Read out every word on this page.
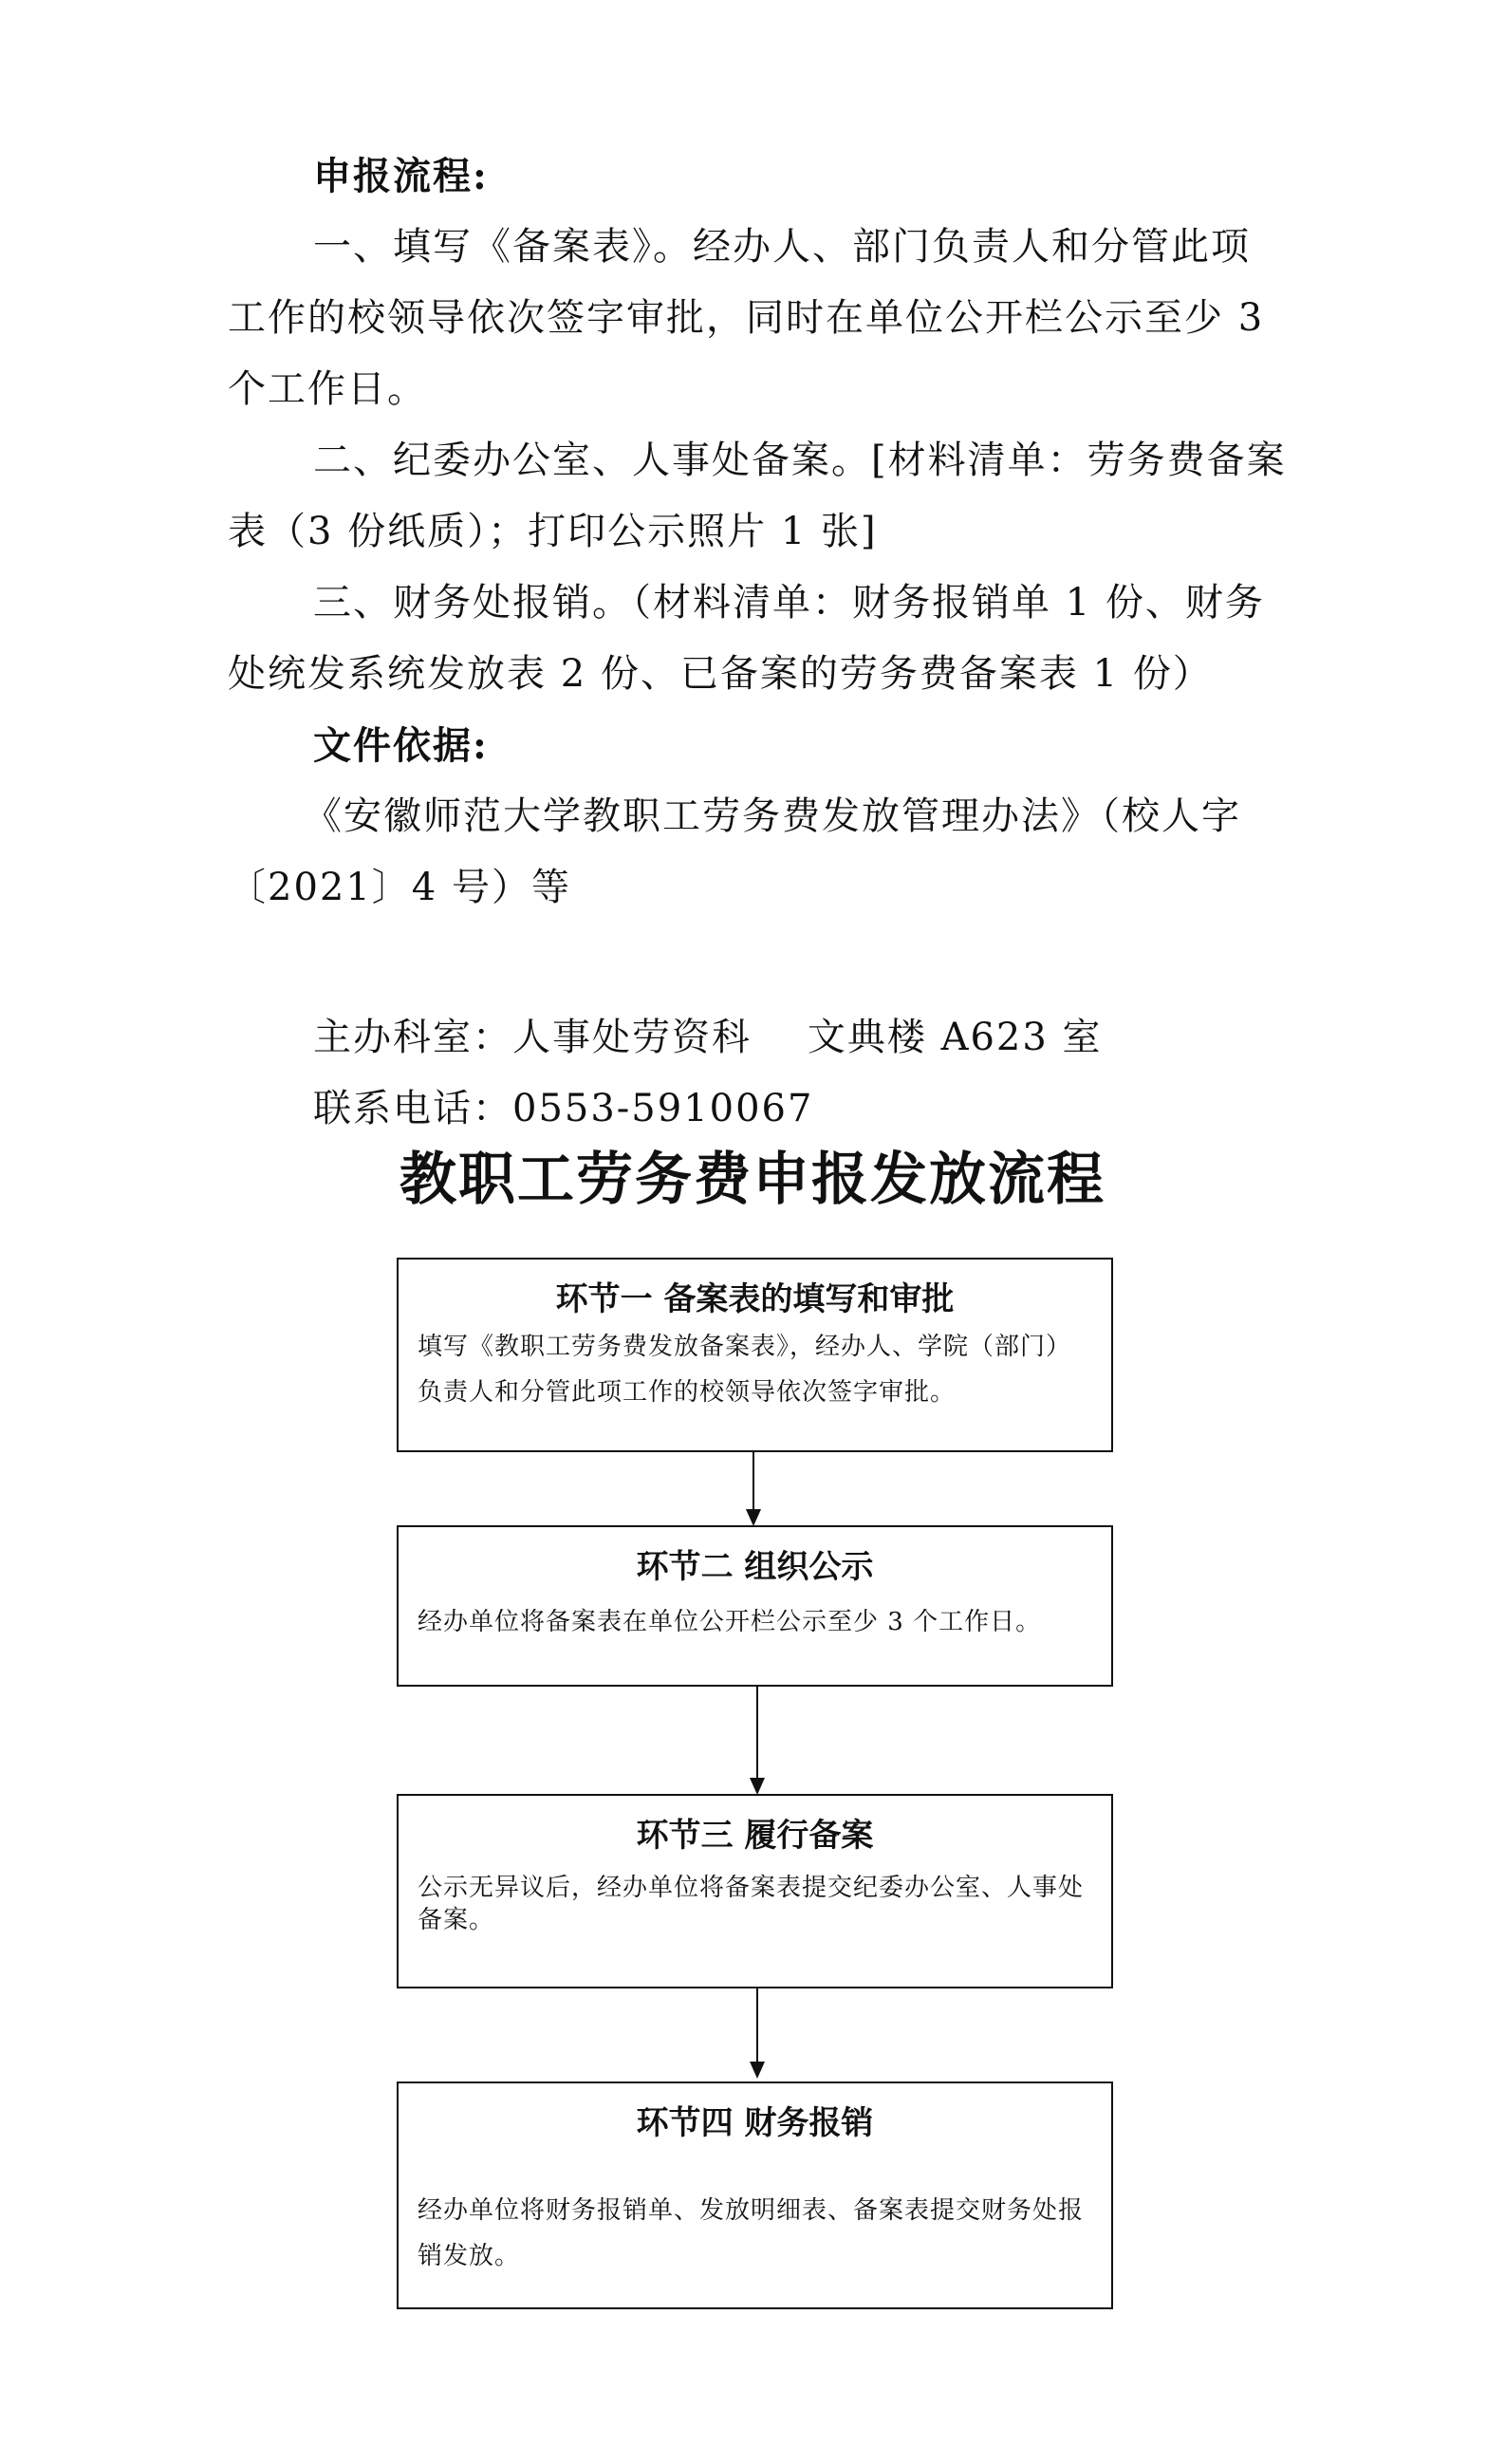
申报流程:
一、填写《备案表》。经办人、部门负责人和分管此项
工作的校领导依次签字审批，同时在单位公开栏公示至少 3
个工作日。
二、纪委办公室、人事处备案。[材料清单：劳务费备案
表（3 份纸质）；打印公示照片 1 张]
三、财务处报销。（材料清单：财务报销单 1 份、财务
处统发系统发放表 2 份、已备案的劳务费备案表 1 份）
文件依据:
《安徽师范大学教职工劳务费发放管理办法》（校人字
〔2021〕4 号）等
主办科室：人事处劳资科    文典楼 A623 室
联系电话：0553-5910067
教职工劳务费申报发放流程
环节一 备案表的填写和审批
填写《教职工劳务费发放备案表》，经办人、学院（部门）
负责人和分管此项工作的校领导依次签字审批。
环节二 组织公示
经办单位将备案表在单位公开栏公示至少 3 个工作日。
环节三 履行备案
公示无异议后，经办单位将备案表提交纪委办公室、人事处
备案。
环节四 财务报销
经办单位将财务报销单、发放明细表、备案表提交财务处报
销发放。
